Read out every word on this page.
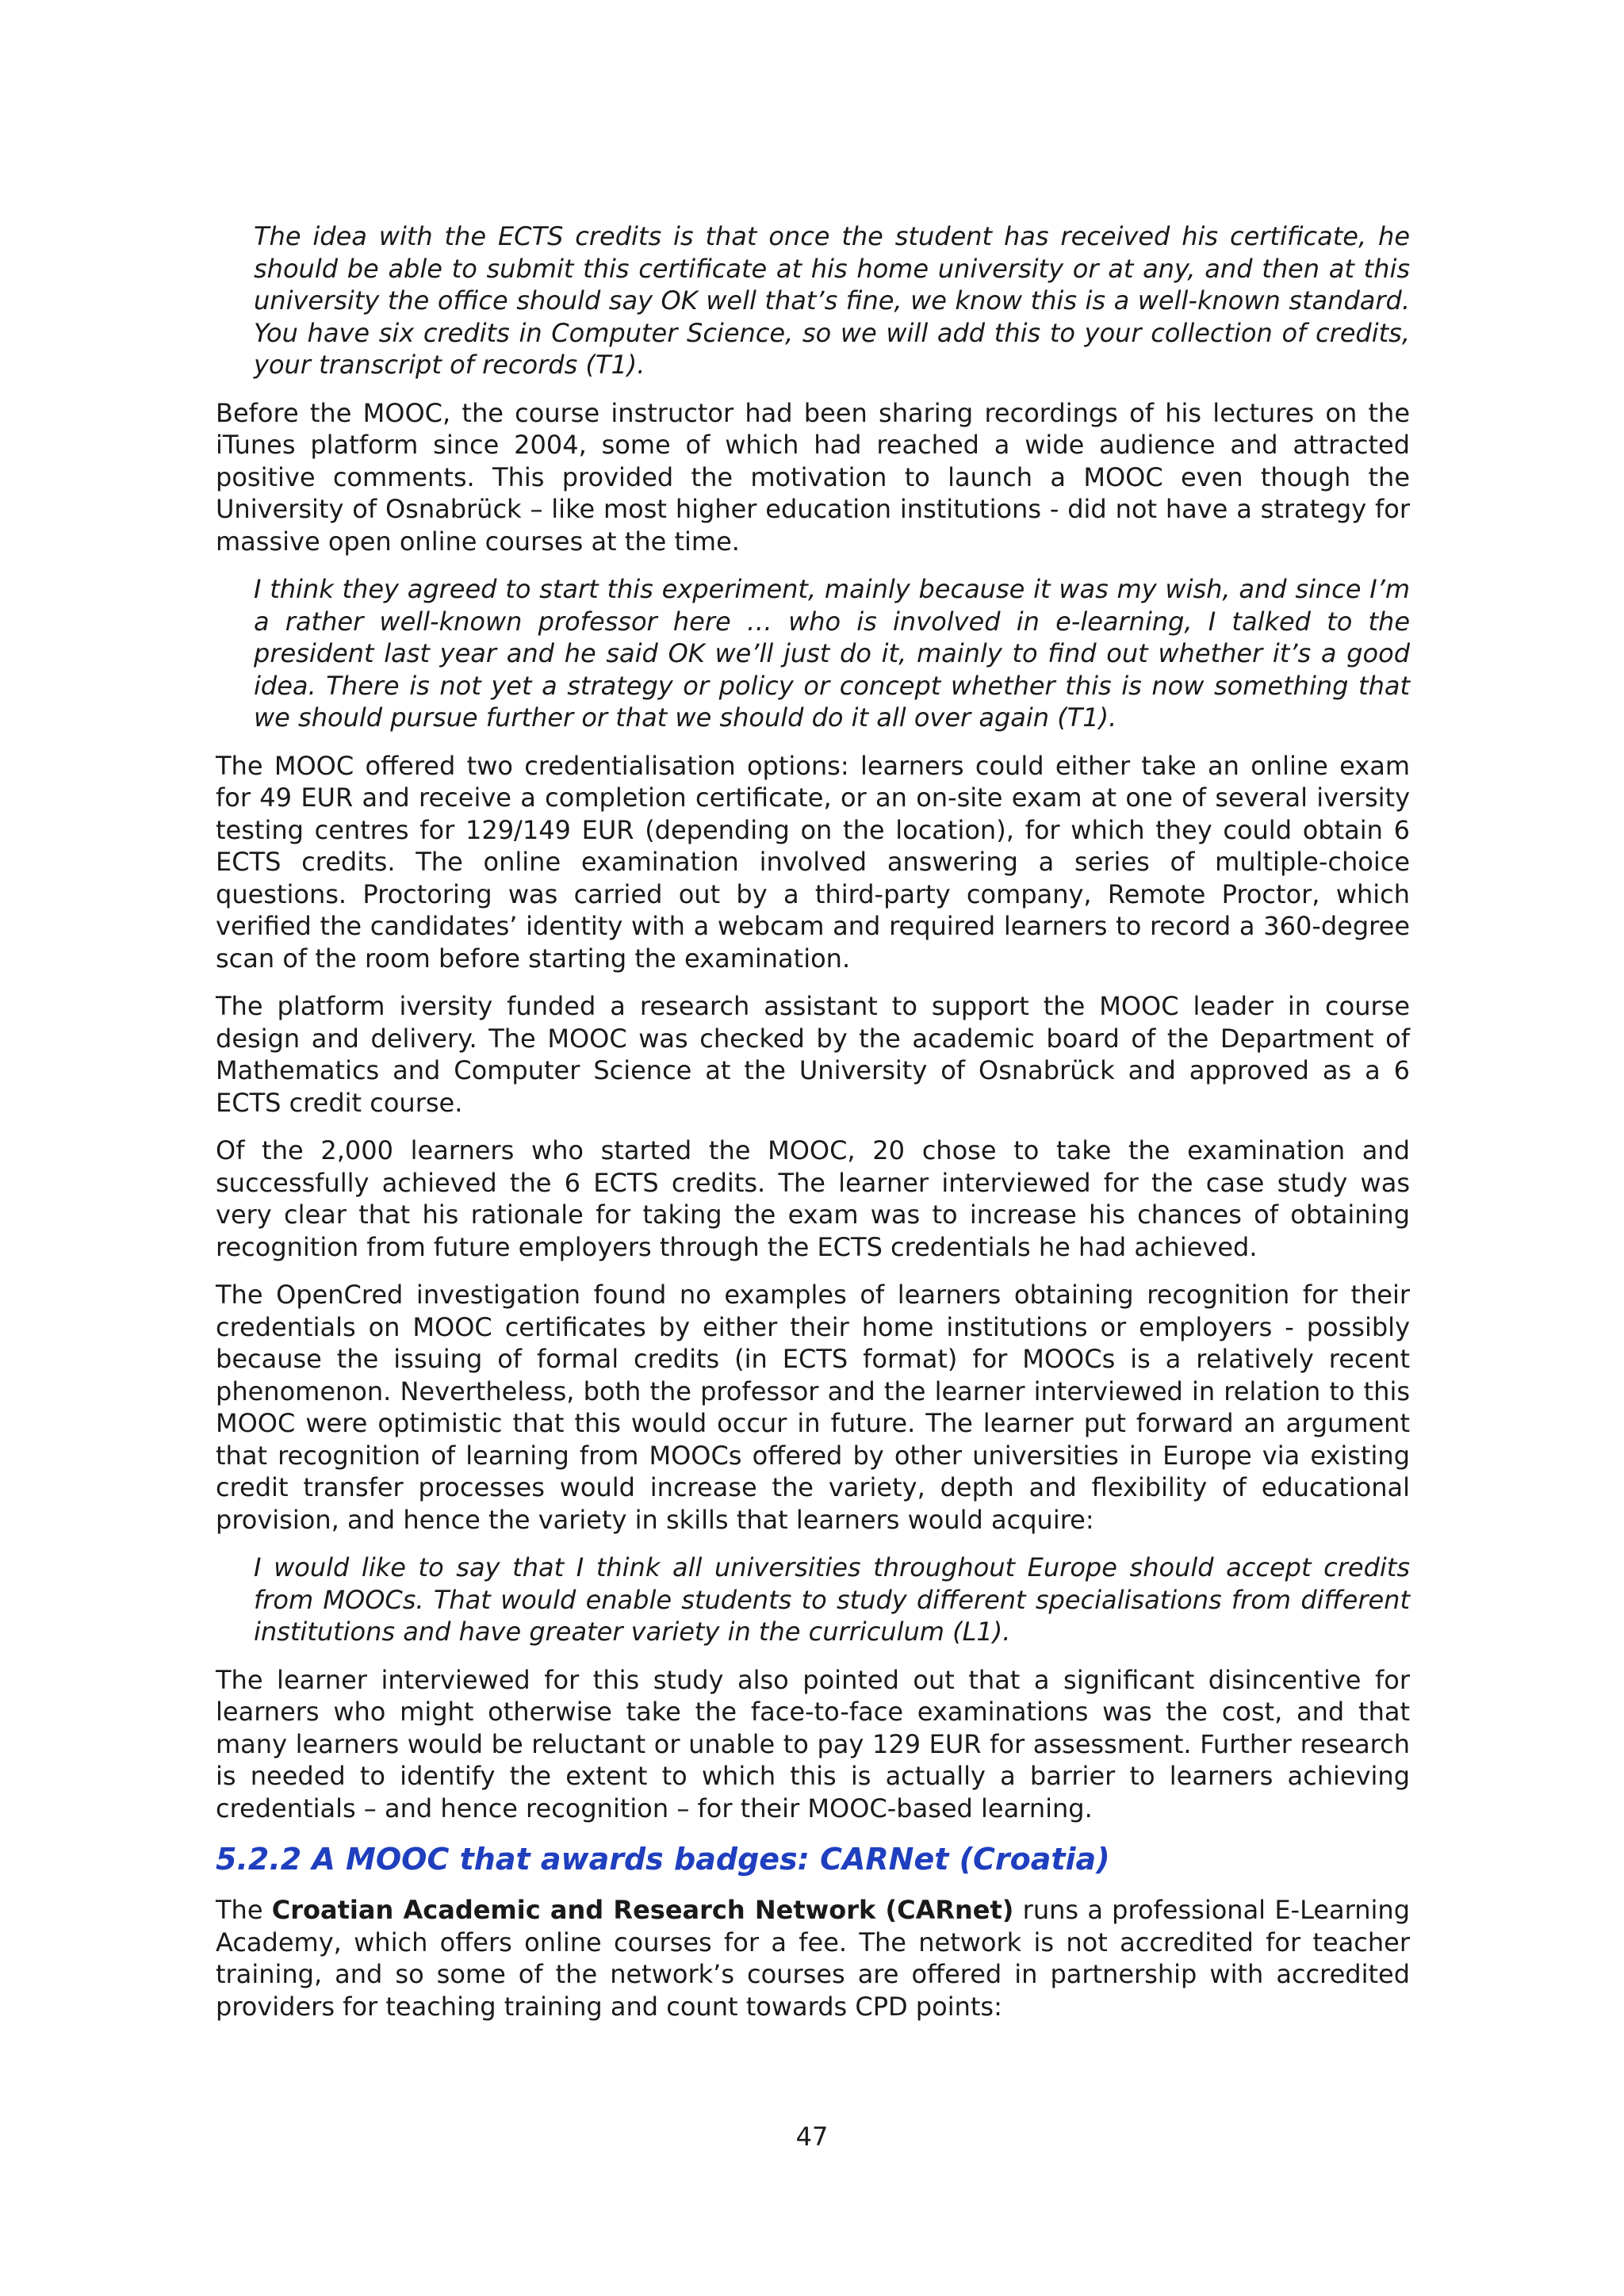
The idea with the ECTS credits is that once the student has received his certificate, he should be able to submit this certificate at his home university or at any, and then at this university the office should say OK well that’s fine, we know this is a well-known standard. You have six credits in Computer Science, so we will add this to your collection of credits, your transcript of records (T1).

Before the MOOC, the course instructor had been sharing recordings of his lectures on the iTunes platform since 2004, some of which had reached a wide audience and attracted positive comments. This provided the motivation to launch a MOOC even though the University of Osnabrück – like most higher education institutions - did not have a strategy for massive open online courses at the time.

I think they agreed to start this experiment, mainly because it was my wish, and since I’m a rather well-known professor here … who is involved in e-learning, I talked to the president last year and he said OK we’ll just do it, mainly to find out whether it’s a good idea. There is not yet a strategy or policy or concept whether this is now something that we should pursue further or that we should do it all over again (T1).

The MOOC offered two credentialisation options: learners could either take an online exam for 49 EUR and receive a completion certificate, or an on-site exam at one of several iversity testing centres for 129/149 EUR (depending on the location), for which they could obtain 6 ECTS credits. The online examination involved answering a series of multiple-choice questions. Proctoring was carried out by a third-party company, Remote Proctor, which verified the candidates’ identity with a webcam and required learners to record a 360-degree scan of the room before starting the examination.

The platform iversity funded a research assistant to support the MOOC leader in course design and delivery. The MOOC was checked by the academic board of the Department of Mathematics and Computer Science at the University of Osnabrück and approved as a 6 ECTS credit course.

Of the 2,000 learners who started the MOOC, 20 chose to take the examination and successfully achieved the 6 ECTS credits. The learner interviewed for the case study was very clear that his rationale for taking the exam was to increase his chances of obtaining recognition from future employers through the ECTS credentials he had achieved.

The OpenCred investigation found no examples of learners obtaining recognition for their credentials on MOOC certificates by either their home institutions or employers - possibly because the issuing of formal credits (in ECTS format) for MOOCs is a relatively recent phenomenon. Nevertheless, both the professor and the learner interviewed in relation to this MOOC were optimistic that this would occur in future. The learner put forward an argument that recognition of learning from MOOCs offered by other universities in Europe via existing credit transfer processes would increase the variety, depth and flexibility of educational provision, and hence the variety in skills that learners would acquire:

I would like to say that I think all universities throughout Europe should accept credits from MOOCs. That would enable students to study different specialisations from different institutions and have greater variety in the curriculum (L1).

The learner interviewed for this study also pointed out that a significant disincentive for learners who might otherwise take the face-to-face examinations was the cost, and that many learners would be reluctant or unable to pay 129 EUR for assessment. Further research is needed to identify the extent to which this is actually a barrier to learners achieving credentials – and hence recognition – for their MOOC-based learning.

5.2.2 A MOOC that awards badges: CARNet (Croatia)

The Croatian Academic and Research Network (CARnet) runs a professional E-Learning Academy, which offers online courses for a fee. The network is not accredited for teacher training, and so some of the network’s courses are offered in partnership with accredited providers for teaching training and count towards CPD points:

47
